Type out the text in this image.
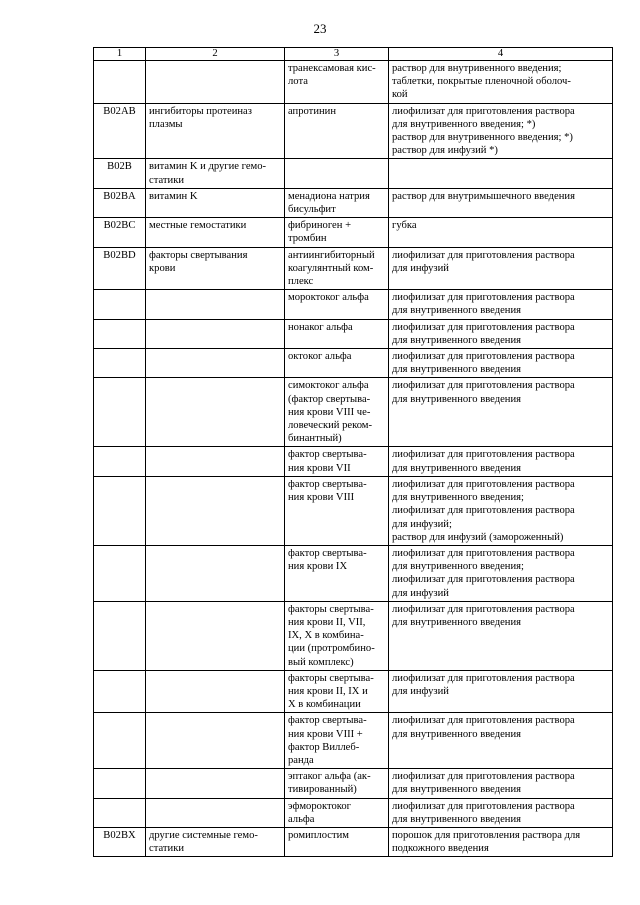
23
1	2	3	4

		транексамовая кис-
лота	раствор для внутривенного введения;
таблетки, покрытые пленочной оболоч-
кой

B02AB	ингибиторы протеиназ
плазмы	апротинин	лиофилизат для приготовления раствора
для внутривенного введения; *)
раствор для внутривенного введения; *)
раствор для инфузий *)

B02B	витамин K и другие гемо-
статики		

B02BA	витамин K	менадиона натрия
бисульфит	раствор для внутримышечного введения

B02BC	местные гемостатики	фибриноген +
тромбин	губка

B02BD	факторы свертывания
крови	антиингибиторный
коагулянтный ком-
плекс	лиофилизат для приготовления раствора
для инфузий

		мороктоког альфа	лиофилизат для приготовления раствора
для внутривенного введения

		нонаког альфа	лиофилизат для приготовления раствора
для внутривенного введения

		октоког альфа	лиофилизат для приготовления раствора
для внутривенного введения

		симоктоког альфа
(фактор свертыва-
ния крови VIII че-
ловеческий реком-
бинантный)	лиофилизат для приготовления раствора
для внутривенного введения

		фактор свертыва-
ния крови VII	лиофилизат для приготовления раствора
для внутривенного введения

		фактор свертыва-
ния крови VIII	лиофилизат для приготовления раствора
для внутривенного введения;
лиофилизат для приготовления раствора
для инфузий;
раствор для инфузий (замороженный)

		фактор свертыва-
ния крови IX	лиофилизат для приготовления раствора
для внутривенного введения;
лиофилизат для приготовления раствора
для инфузий

		факторы свертыва-
ния крови II, VII,
IX, X в комбина-
ции (протромбино-
вый комплекс)	лиофилизат для приготовления раствора
для внутривенного введения

		факторы свертыва-
ния крови II, IX и
X в комбинации	лиофилизат для приготовления раствора
для инфузий

		фактор свертыва-
ния крови VIII +
фактор Виллеб-
ранда	лиофилизат для приготовления раствора
для внутривенного введения

		эптаког альфа (ак-
тивированный)	лиофилизат для приготовления раствора
для внутривенного введения

		эфмороктоког
альфа	лиофилизат для приготовления раствора
для внутривенного введения

B02BX	другие системные гемо-
статики	ромиплостим	порошок для приготовления раствора для
подкожного введения
